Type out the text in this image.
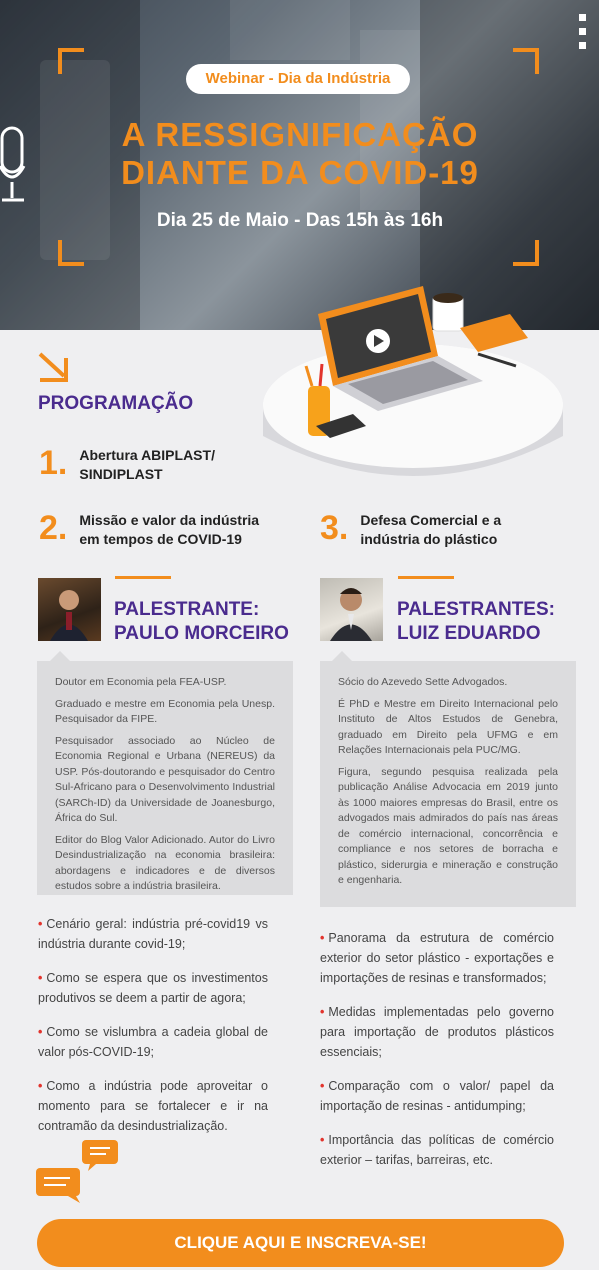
Webinar - Dia da Indústria
A RESSIGNIFICAÇÃO
DIANTE DA COVID-19
Dia 25 de Maio - Das 15h às 16h
PROGRAMAÇÃO
1. Abertura ABIPLAST/
SINDIPLAST
2. Missão e valor da indústria
em tempos de COVID-19	3. Defesa Comercial e a
indústria do plástico
PALESTRANTE:
PAULO MORCEIRO

Doutor em Economia pela FEA-USP.

Graduado e mestre em Economia pela Unesp. Pesquisador da FIPE.

Pesquisador associado ao Núcleo de Economia Regional e Urbana (NEREUS) da USP. Pós-doutorando e pesquisador do Centro Sul-Africano para o Desenvolvimento Industrial (SARCh-ID) da Universidade de Joanesburgo, África do Sul.

Editor do Blog Valor Adicionado. Autor do Livro Desindustrialização na economia brasileira: abordagens e indicadores e de diversos estudos sobre a indústria brasileira.

• Cenário geral: indústria pré-covid19 vs indústria durante covid-19;

• Como se espera que os investimentos produtivos se deem a partir de agora;

• Como se vislumbra a cadeia global de valor pós-COVID-19;

• Como a indústria pode aproveitar o momento para se fortalecer e ir na contramão da desindustrialização.

PALESTRANTES:
LUIZ EDUARDO

Sócio do Azevedo Sette Advogados.

É PhD e Mestre em Direito Internacional pelo Instituto de Altos Estudos de Genebra, graduado em Direito pela UFMG e em Relações Internacionais pela PUC/MG.

Figura, segundo pesquisa realizada pela publicação Análise Advocacia em 2019 junto às 1000 maiores empresas do Brasil, entre os advogados mais admirados do país nas áreas de comércio internacional, concorrência e compliance e nos setores de borracha e plástico, siderurgia e mineração e construção e engenharia.

• Panorama da estrutura de comércio exterior do setor plástico - exportações e importações de resinas e transformados;

• Medidas implementadas pelo governo para importação de produtos plásticos essenciais;

• Comparação com o valor/ papel da importação de resinas - antidumping;

• Importância das políticas de comércio exterior – tarifas, barreiras, etc.

CLIQUE AQUI E INSCREVA-SE!
